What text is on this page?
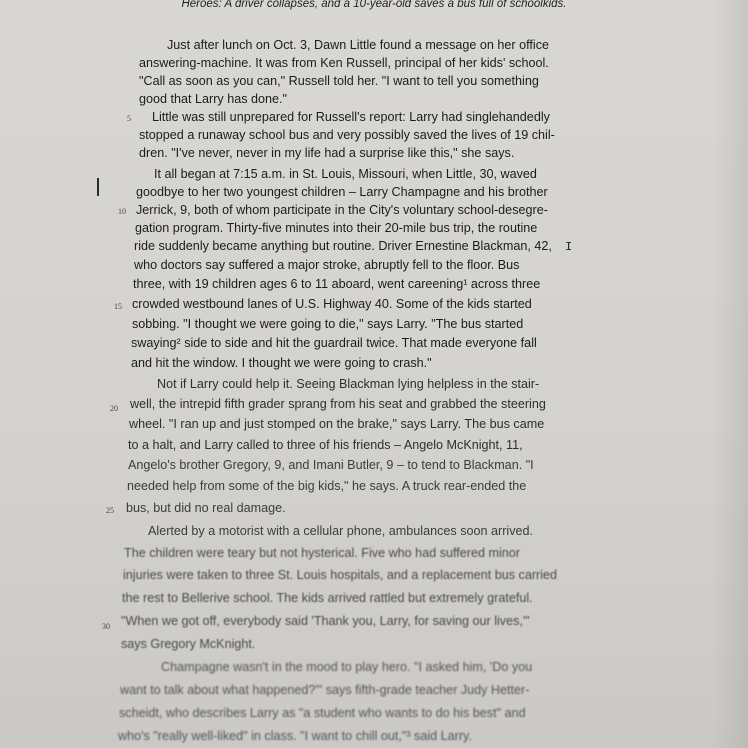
Heroes: A driver collapses, and a 10-year-old saves a bus full of schoolkids.
Just after lunch on Oct. 3, Dawn Little found a message on her office
answering-machine. It was from Ken Russell, principal of her kids' school.
"Call as soon as you can," Russell told her. "I want to tell you something
good that Larry has done."
Little was still unprepared for Russell's report: Larry had singlehandedly
stopped a runaway school bus and very possibly saved the lives of 19 chil-
dren. "I've never, never in my life had a surprise like this," she says.
It all began at 7:15 a.m. in St. Louis, Missouri, when Little, 30, waved
goodbye to her two youngest children – Larry Champagne and his brother
Jerrick, 9, both of whom participate in the City's voluntary school-desegre-
gation program. Thirty-five minutes into their 20-mile bus trip, the routine
ride suddenly became anything but routine. Driver Ernestine Blackman, 42,
who doctors say suffered a major stroke, abruptly fell to the floor. Bus
three, with 19 children ages 6 to 11 aboard, went careening¹ across three
crowded westbound lanes of U.S. Highway 40. Some of the kids started
sobbing. "I thought we were going to die," says Larry. "The bus started
swaying² side to side and hit the guardrail twice. That made everyone fall
and hit the window. I thought we were going to crash."
Not if Larry could help it. Seeing Blackman lying helpless in the stair-
well, the intrepid fifth grader sprang from his seat and grabbed the steering
wheel. "I ran up and just stomped on the brake," says Larry. The bus came
to a halt, and Larry called to three of his friends – Angelo McKnight, 11,
Angelo's brother Gregory, 9, and Imani Butler, 9 – to tend to Blackman. "I
needed help from some of the big kids," he says. A truck rear-ended the
bus, but did no real damage.
Alerted by a motorist with a cellular phone, ambulances soon arrived.
The children were teary but not hysterical. Five who had suffered minor
injuries were taken to three St. Louis hospitals, and a replacement bus carried
the rest to Bellerive school. The kids arrived rattled but extremely grateful.
"When we got off, everybody said 'Thank you, Larry, for saving our lives,'"
says Gregory McKnight.
Champagne wasn't in the mood to play hero. "I asked him, 'Do you
want to talk about what happened?'" says fifth-grade teacher Judy Hetter-
scheidt, who describes Larry as "a student who wants to do his best" and
who's "really well-liked" in class. "I want to chill out,"³ said Larry.
5
10
15
20
25
30
I
